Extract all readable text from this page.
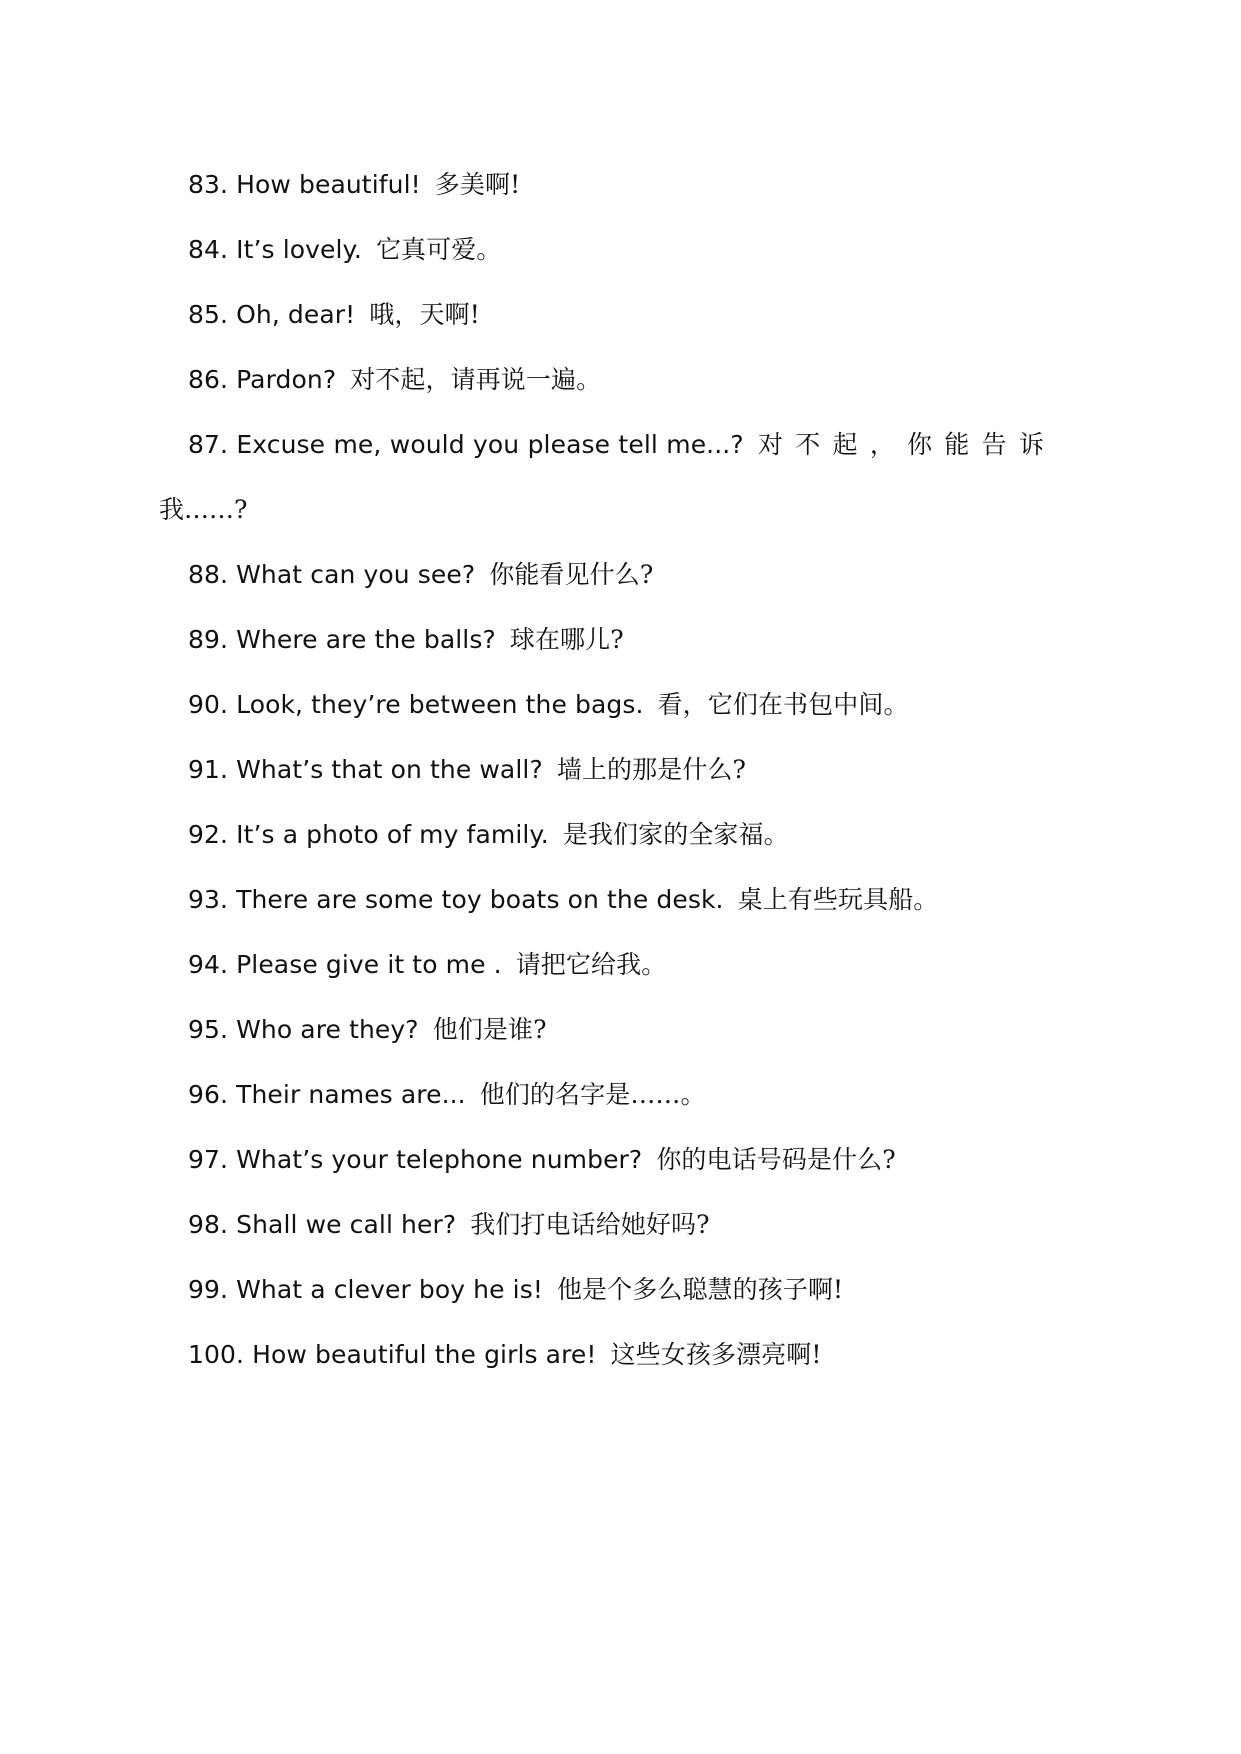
83. How beautiful! 多美啊!
84. It’s lovely. 它真可爱。
85. Oh, dear! 哦，天啊!
86. Pardon? 对不起，请再说一遍。
87. Excuse me, would you please tell me...? 对不起，你能告诉
我……?
88. What can you see? 你能看见什么?
89. Where are the balls? 球在哪儿?
90. Look, they’re between the bags. 看，它们在书包中间。
91. What’s that on the wall? 墙上的那是什么?
92. It’s a photo of my family. 是我们家的全家福。
93. There are some toy boats on the desk. 桌上有些玩具船。
94. Please give it to me . 请把它给我。
95. Who are they? 他们是谁?
96. Their names are... 他们的名字是……。
97. What’s your telephone number? 你的电话号码是什么?
98. Shall we call her? 我们打电话给她好吗?
99. What a clever boy he is! 他是个多么聪慧的孩子啊!
100. How beautiful the girls are! 这些女孩多漂亮啊!
